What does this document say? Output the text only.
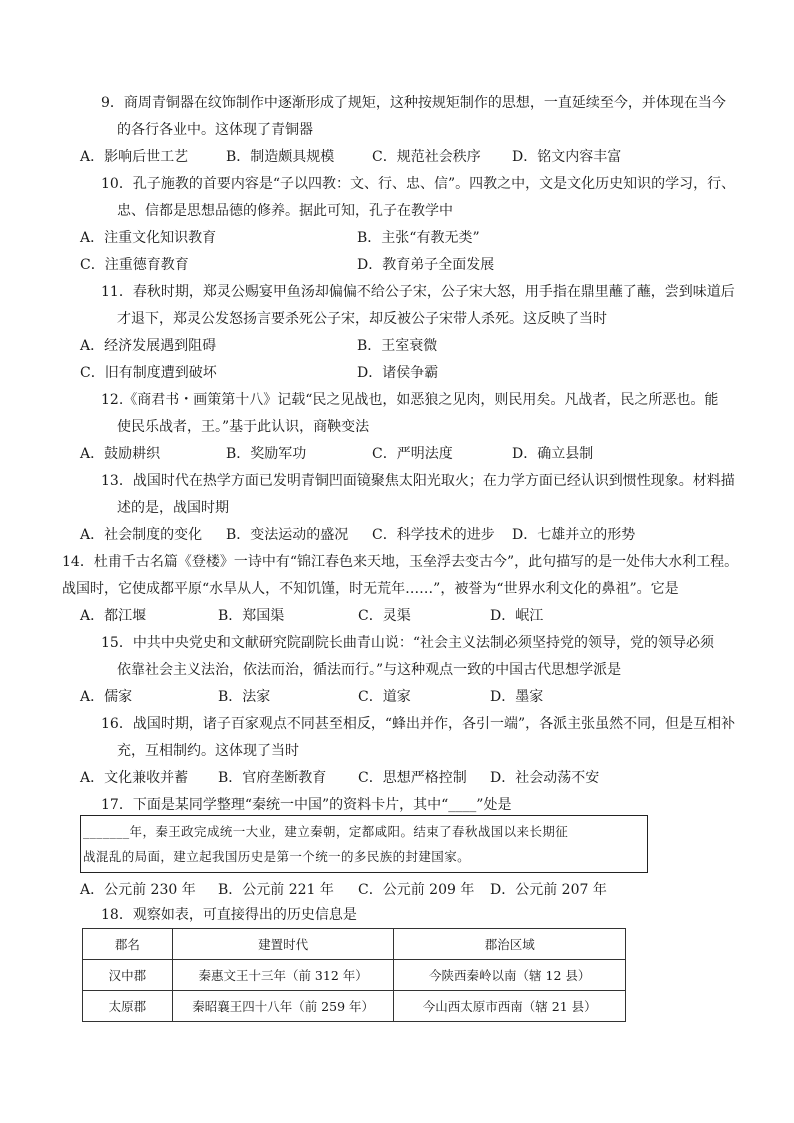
9．商周青铜器在纹饰制作中逐渐形成了规矩，这种按规矩制作的思想，一直延续至今，并体现在当今
的各行各业中。这体现了青铜器
A．影响后世工艺	B．制造颇具规模	C．规范社会秩序 D．铭文内容丰富
10．孔子施教的首要内容是“子以四教：文、行、忠、信”。四教之中，文是文化历史知识的学习，行、
忠、信都是思想品德的修养。据此可知，孔子在教学中
A．注重文化知识教育	B．主张“有教无类”
C．注重德育教育	D．教育弟子全面发展
11．春秋时期，郑灵公赐宴甲鱼汤却偏偏不给公子宋，公子宋大怒，用手指在鼎里蘸了蘸，尝到味道后
才退下，郑灵公发怒扬言要杀死公子宋，却反被公子宋带人杀死。这反映了当时
A．经济发展遇到阻碍	B．王室衰微
C．旧有制度遭到破坏	D．诸侯争霸
12.《商君书・画策第十八》记载“民之见战也，如恶狼之见肉，则民用矣。凡战者，民之所恶也。能
使民乐战者，王。”基于此认识，商鞅变法
A．鼓励耕织	B．奖励军功	C．严明法度	D．确立县制
13．战国时代在热学方面已发明青铜凹面镜聚焦太阳光取火；在力学方面已经认识到惯性现象。材料描
述的是，战国时期
A．社会制度的变化 B．变法运动的盛况 C．科学技术的进步 D．七雄并立的形势
14．杜甫千古名篇《登楼》一诗中有“锦江春色来天地，玉垒浮去变古今”，此句描写的是一处伟大水利工程。
战国时，它使成都平原“水旱从人，不知饥馑，时无荒年……”，被誉为“世界水利文化的鼻祖”。它是
A．都江堰	B．郑国渠	C．灵渠	D．岷江
15．中共中央党史和文献研究院副院长曲青山说：“社会主义法制必须坚持党的领导，党的领导必须
依靠社会主义法治，依法而治，循法而行。”与这种观点一致的中国古代思想学派是
A．儒家	B．法家	C．道家	D．墨家
16．战国时期，诸子百家观点不同甚至相反，“蜂出并作，各引一端”，各派主张虽然不同，但是互相补
充，互相制约。这体现了当时
A．文化兼收并蓄 B．官府垄断教育 C．思想严格控制 D．社会动荡不安
17．下面是某同学整理“秦统一中国”的资料卡片，其中“____”处是
_______年，秦王政完成统一大业，建立秦朝，定都咸阳。结束了春秋战国以来长期征
战混乱的局面，建立起我国历史是第一个统一的多民族的封建国家。
A．公元前 230 年 B．公元前 221 年 C．公元前 209 年 D．公元前 207 年
18．观察如表，可直接得出的历史信息是
郡名	建置时代	郡治区域
汉中郡	秦惠文王十三年（前 312 年）	今陕西秦岭以南（辖 12 县）
太原郡	秦昭襄王四十八年（前 259 年）	今山西太原市西南（辖 21 县）
